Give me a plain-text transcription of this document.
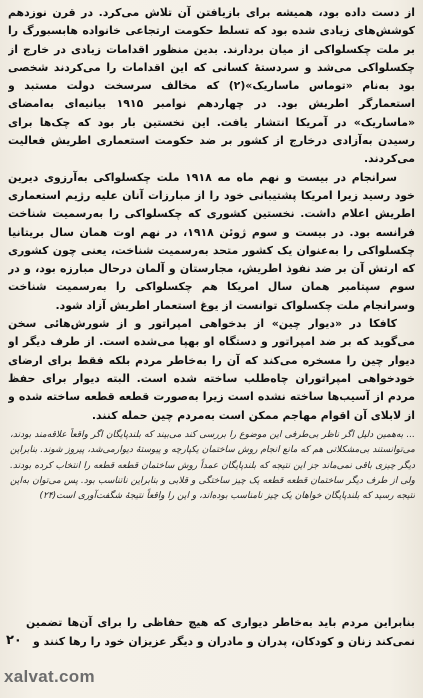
از دست داده بود، همیشه برای بازیافتن آن تلاش می‌کرد. در قرن نوزدهم کوشش‌های زیادی شده بود که تسلط حکومت ارتجاعی خانواده هابسبورگ را بر ملت چکسلواکی از میان بردارند. بدین منظور اقدامات زیادی در خارج از چکسلواکی می‌شد و سردستهٔ کسانی که این اقدامات را می‌کردند شخصی بود به‌نام «توماس ماساریک»(۲) که مخالف سرسخت دولت مستبد و استعمارگر اطریش بود. در چهاردهم نوامبر ۱۹۱۵ بیانیه‌ای به‌امضای «ماساریک» در آمریکا انتشار یافت. این نخستین بار بود که چک‌ها برای رسیدن به‌آزادی درخارج از کشور بر ضد حکومت استعماری اطریش فعالیت می‌کردند.

سرانجام در بیست و نهم ماه مه ۱۹۱۸ ملت چکسلواکی به‌آرزوی دیرین خود رسید زیرا امریکا پشتیبانی خود را از مبارزات آنان علیه رژیم استعماری اطریش اعلام داشت. نخستین کشوری که چکسلواکی را به‌رسمیت شناخت فرانسه بود. در بیست و سوم ژوئن ۱۹۱۸، در نهم اوت همان سال بریتانیا چکسلواکی را به‌عنوان یک کشور متحد به‌رسمیت شناخت، یعنی چون کشوری که ارتش آن بر ضد نفوذ اطریش، مجارستان و آلمان درحال مبارزه بود، و در سوم سپتامبر همان سال امریکا هم چکسلواکی را به‌رسمیت شناخت وسرانجام ملت چکسلواک توانست از یوغ استعمار اطریش آزاد شود.

کافکا در «دیوار چین» از بدخواهی امپراتور و از شورش‌هائی سخن می‌گوید که بر ضد امپراتور و دستگاه او بهپا می‌شده است. از طرف دیگر او دیوار چین را مسخره می‌کند که آن را به‌خاطر مردم بلکه فقط برای ارضای خودخواهی امپراتوران چاه‌طلب ساخته شده است. البته دیوار برای حفظ مردم از آسیب‌ها ساخته نشده است زیرا به‌صورت قطعه قطعه ساخته شده و از لابلای آن اقوام مهاجم ممکن است به‌مردم چین حمله کنند.

... به‌همین دلیل اگر ناظر بی‌طرفی این موضوع را بررسی کند می‌بیند که بلندپایگان اگر واقعاً علاقه‌مند بودند، می‌توانستند بی‌مشکلاتی هم که مانع انجام روش ساختمان یکپارچه و پیوستهٔ دیوارمی‌شد، پیروز شوند. بنابراین دیگر چیزی باقی نمی‌ماند جز این نتیجه که بلندپایگان عمداً روش ساختمان قطعه قطعه را انتخاب کرده بودند. ولی از طرف دیگر ساختمان قطعه قطعه یک چیز ساختگی و قلابی و بنابراین ناتناسب بود. پس می‌توان به‌این نتیجه رسید که بلندپایگان خواهان یک چیز نامناسب بوده‌اند، و این را واقعاً نتیجهٔ شگفت‌آوری است(۲۴)

بنابراین مردم باید به‌خاطر دیواری که هیچ حفاظی را برای آن‌ها تضمین نمی‌کند زنان و کودکان، پدران و مادران و دیگر عزیزان خود را رها کنند و

۲۰
xalvat.com
